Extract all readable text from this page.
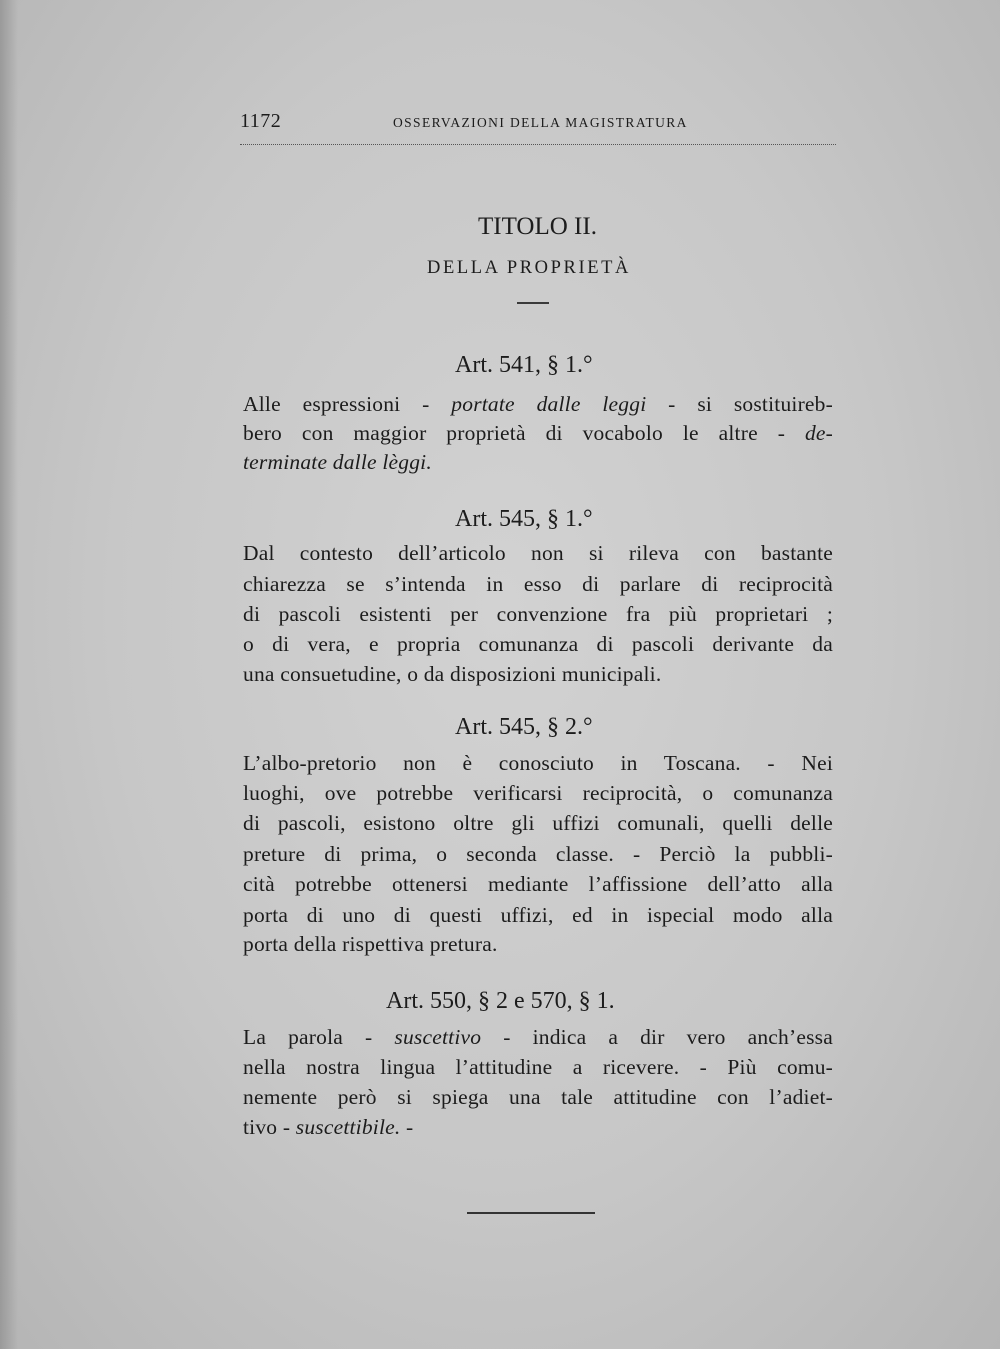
1172	OSSERVAZIONI DELLA MAGISTRATURA
TITOLO II.
DELLA PROPRIETÀ
Art. 541, § 1.°
Alle espressioni - portate dalle leggi - si sostituireb-
bero con maggior proprietà di vocabolo le altre - de-
terminate dalle lèggi.
Art. 545, § 1.°
Dal contesto dell’articolo non si rileva con bastante
chiarezza se s’intenda in esso di parlare di reciprocità
di pascoli esistenti per convenzione fra più proprietari ;
o di vera, e propria comunanza di pascoli derivante da
una consuetudine, o da disposizioni municipali.
Art. 545, § 2.°
L’albo-pretorio non è conosciuto in Toscana. - Nei
luoghi, ove potrebbe verificarsi reciprocità, o comunanza
di pascoli, esistono oltre gli uffizi comunali, quelli delle
preture di prima, o seconda classe. - Perciò la pubbli-
cità potrebbe ottenersi mediante l’affissione dell’atto alla
porta di uno di questi uffizi, ed in ispecial modo alla
porta della rispettiva pretura.
Art. 550, § 2 e 570, § 1.
La parola - suscettivo - indica a dir vero anch’essa
nella nostra lingua l’attitudine a ricevere. - Più comu-
nemente però si spiega una tale attitudine con l’adiet-
tivo - suscettibile. -
